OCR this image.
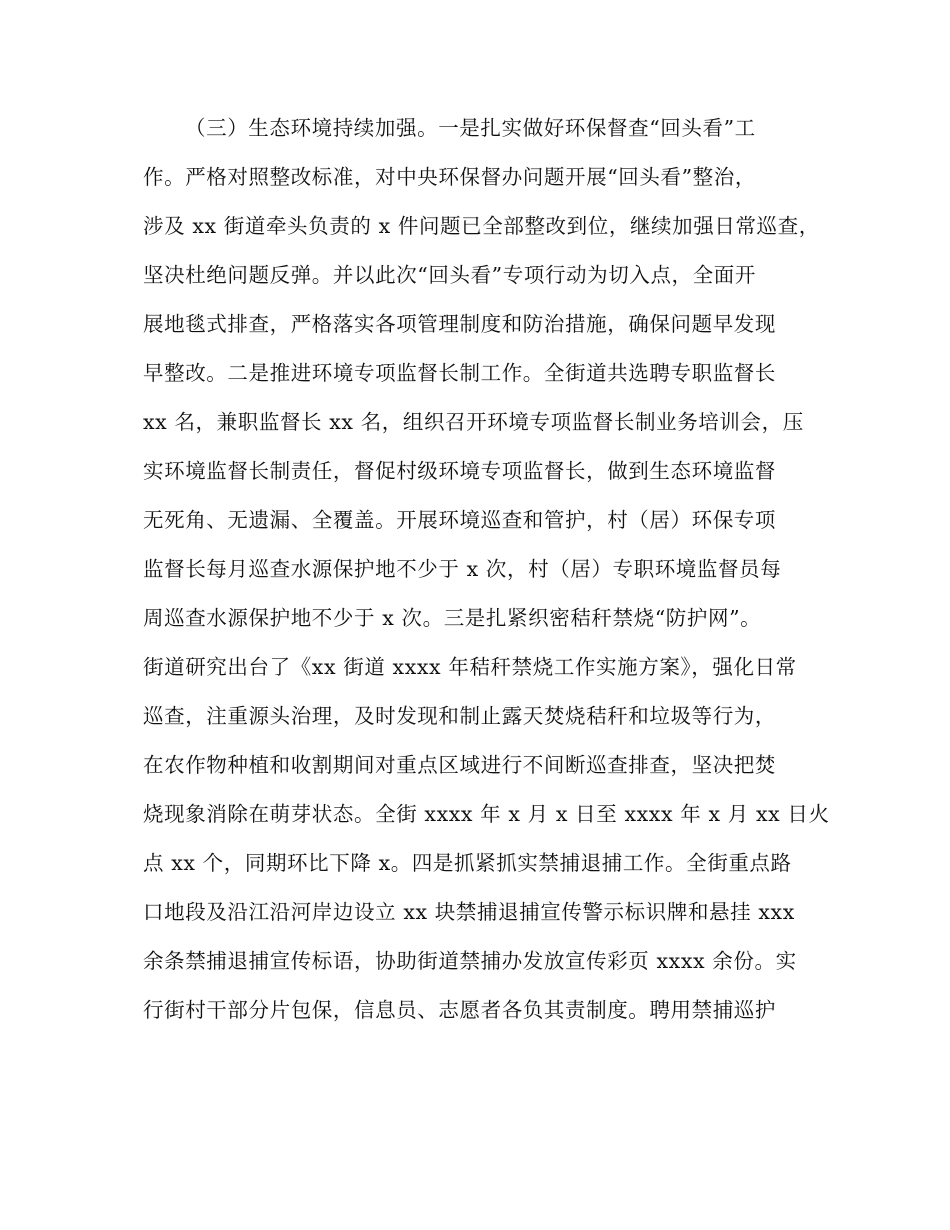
（三）生态环境持续加强。一是扎实做好环保督查“回头看”工
作。严格对照整改标准，对中央环保督办问题开展“回头看”整治，
涉及 xx 街道牵头负责的 x 件问题已全部整改到位，继续加强日常巡查，
坚决杜绝问题反弹。并以此次“回头看”专项行动为切入点，全面开
展地毯式排查，严格落实各项管理制度和防治措施，确保问题早发现
早整改。二是推进环境专项监督长制工作。全街道共选聘专职监督长
xx 名，兼职监督长 xx 名，组织召开环境专项监督长制业务培训会，压
实环境监督长制责任，督促村级环境专项监督长，做到生态环境监督
无死角、无遗漏、全覆盖。开展环境巡查和管护，村（居）环保专项
监督长每月巡查水源保护地不少于 x 次，村（居）专职环境监督员每
周巡查水源保护地不少于 x 次。三是扎紧织密秸秆禁烧“防护网”。
街道研究出台了《xx 街道 xxxx 年秸秆禁烧工作实施方案》，强化日常
巡查，注重源头治理，及时发现和制止露天焚烧秸秆和垃圾等行为，
在农作物种植和收割期间对重点区域进行不间断巡查排查，坚决把焚
烧现象消除在萌芽状态。全街 xxxx 年 x 月 x 日至 xxxx 年 x 月 xx 日火
点 xx 个，同期环比下降 x。四是抓紧抓实禁捕退捕工作。全街重点路
口地段及沿江沿河岸边设立 xx 块禁捕退捕宣传警示标识牌和悬挂 xxx
余条禁捕退捕宣传标语，协助街道禁捕办发放宣传彩页 xxxx 余份。实
行街村干部分片包保，信息员、志愿者各负其责制度。聘用禁捕巡护
